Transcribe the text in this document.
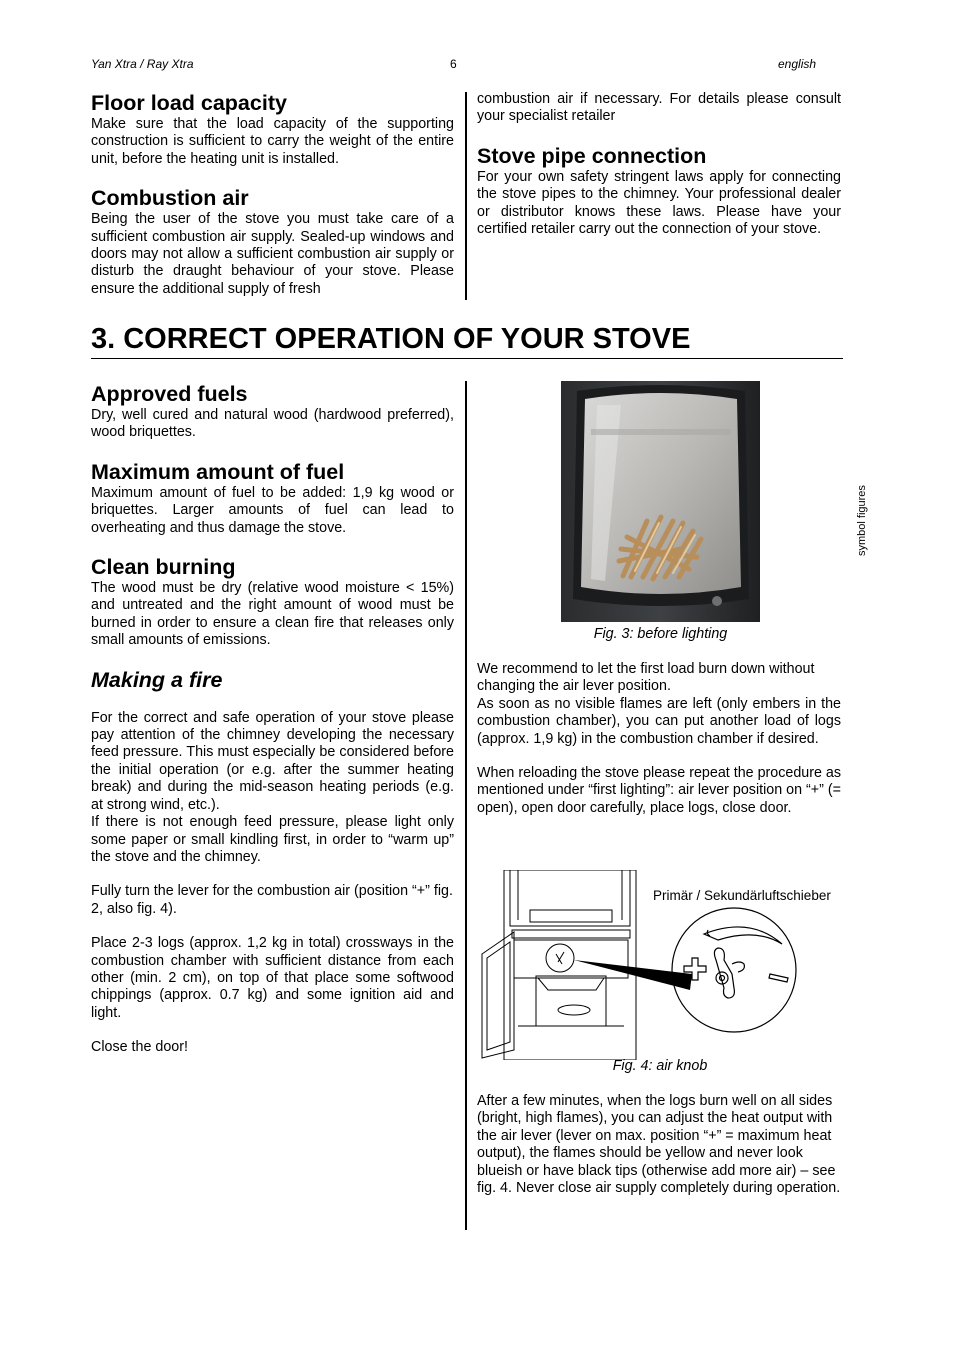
Yan Xtra / Ray Xtra	6	english
Floor load capacity

Make sure that the load capacity of the supporting construction is sufficient to carry the weight of the entire unit, before the heating unit is installed.

Combustion air

Being the user of the stove you must take care of a sufficient combustion air supply. Sealed-up windows and doors may not allow a sufficient combustion air supply or disturb the draught behaviour of your stove. Please ensure the additional supply of fresh

combustion air if necessary. For details please consult your specialist retailer

Stove pipe connection

For your own safety stringent laws apply for connecting the stove pipes to the chimney. Your professional dealer or distributor knows these laws. Please have your certified retailer carry out the connection of your stove.

3. CORRECT OPERATION OF YOUR STOVE
Approved fuels

Dry, well cured and natural wood (hardwood preferred), wood briquettes.

Maximum amount of fuel

Maximum amount of fuel to be added: 1,9 kg wood or briquettes. Larger amounts of fuel can lead to overheating and thus damage the stove.

Clean burning

The wood must be dry (relative wood moisture < 15%) and untreated and the right amount of wood must be burned in order to ensure a clean fire that releases only small amounts of emissions.

Making a fire

For the correct and safe operation of your stove please pay attention of the chimney developing the necessary feed pressure. This must especially be considered before the initial operation (or e.g. after the summer heating break) and during the mid-season heating periods (e.g. at strong wind, etc.).

If there is not enough feed pressure, please light only some paper or small kindling first, in order to “warm up” the stove and the chimney.

Fully turn the lever for the combustion air (position “+” fig. 2, also fig. 4).

Place 2-3 logs (approx. 1,2 kg in total) crossways in the combustion chamber with sufficient distance from each other (min. 2 cm), on top of that place some softwood chippings (approx. 0.7 kg) and some ignition aid and light.

Close the door!

Fig. 3: before lighting

We recommend to let the first load burn down without changing the air lever position.

As soon as no visible flames are left (only embers in the combustion chamber), you can put another load of logs (approx. 1,9 kg) in the combustion chamber if desired.

When reloading the stove please repeat the procedure as mentioned under “first lighting”: air lever position on “+” (= open), open door carefully, place logs, close door.

Primär / Sekundärluftschieber
Fig. 4: air knob

After a few minutes, when the logs burn well on all sides (bright, high flames), you can adjust the heat output with the air lever (lever on max. position “+” = maximum heat output), the flames should be yellow and never look blueish or have black tips (otherwise add more air) – see fig. 4. Never close air supply completely during operation.

symbol figures
